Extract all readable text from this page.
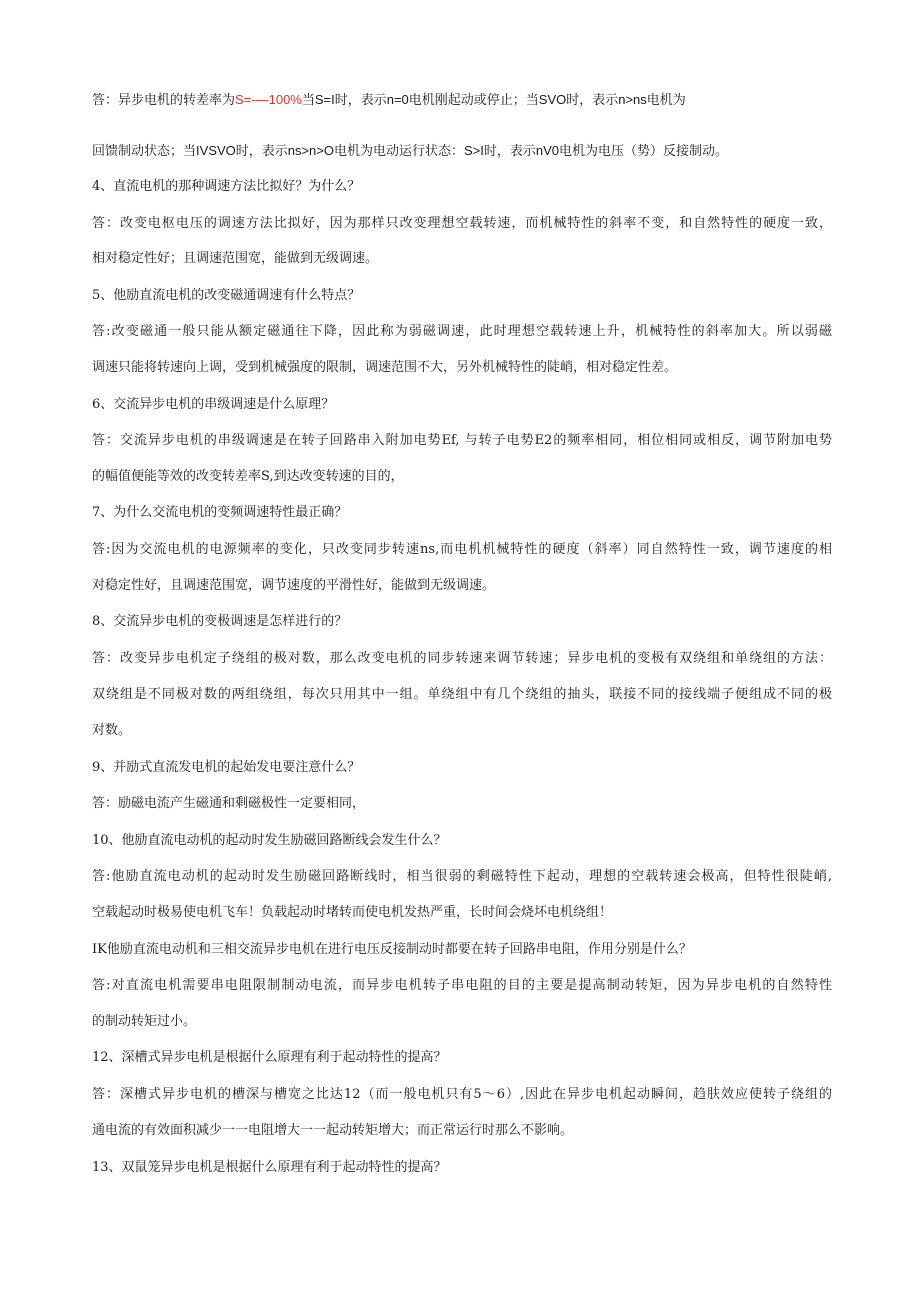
答：异步电机的转差率为S=-—100%当S=I时，表示n=0电机刚起动或停止；当SVO时，表示n>ns电机为
回馈制动状态；当IVSVO时，表示ns>n>O电机为电动运行状态：S>I时，表示nV0电机为电压（势）反接制动。
4、直流电机的那种调速方法比拟好？为什么？
答：改变电枢电压的调速方法比拟好，因为那样只改变理想空载转速，而机械特性的斜率不变，和自然特性的硬度一致，
相对稳定性好；且调速范围宽，能做到无级调速。
5、他励直流电机的改变磁通调速有什么特点？
答:改变磁通一般只能从额定磁通往下降，因此称为弱磁调速，此时理想空载转速上升，机械特性的斜率加大。所以弱磁
调速只能将转速向上调，受到机械强度的限制，调速范围不大，另外机械特性的陡峭，相对稳定性差。
6、交流异步电机的串级调速是什么原理？
答：交流异步电机的串级调速是在转子回路串入附加电势Ef, 与转子电势E2的频率相同，相位相同或相反，调节附加电势
的幅值便能等效的改变转差率S,到达改变转速的目的，
7、为什么交流电机的变频调速特性最正确？
答:因为交流电机的电源频率的变化，只改变同步转速ns,而电机机械特性的硬度（斜率）同自然特性一致，调节速度的相
对稳定性好，且调速范围宽，调节速度的平滑性好，能做到无级调速。
8、交流异步电机的变极调速是怎样进行的？
答：改变异步电机定子绕组的极对数，那么改变电机的同步转速来调节转速；异步电机的变极有双绕组和单绕组的方法：
双绕组是不同极对数的两组绕组，每次只用其中一组。单绕组中有几个绕组的抽头，联接不同的接线端子便组成不同的极
对数。
9、并励式直流发电机的起始发电要注意什么？
答：励磁电流产生磁通和剩磁极性一定要相同，
10、他励直流电动机的起动时发生励磁回路断线会发生什么？
答:他励直流电动机的起动时发生励磁回路断线时，相当很弱的剩磁特性下起动，理想的空载转速会极高，但特性很陡峭,
空载起动时极易使电机飞车！负载起动时堵转而使电机发热严重，长时间会烧坏电机绕组！
IK他励直流电动机和三相交流异步电机在进行电压反接制动时都要在转子回路串电阻，作用分别是什么？
答:对直流电机需要串电阻限制制动电流，而异步电机转子串电阻的目的主要是提高制动转矩，因为异步电机的自然特性
的制动转矩过小。
12、深槽式异步电机是根据什么原理有利于起动特性的提高？
答：深槽式异步电机的槽深与槽宽之比达12（而一般电机只有5～6）,因此在异步电机起动瞬间，趋肤效应使转子绕组的
通电流的有效面积减少一一电阻增大一一起动转矩增大；而正常运行时那么不影响。
13、双鼠笼异步电机是根据什么原理有利于起动特性的提高？
